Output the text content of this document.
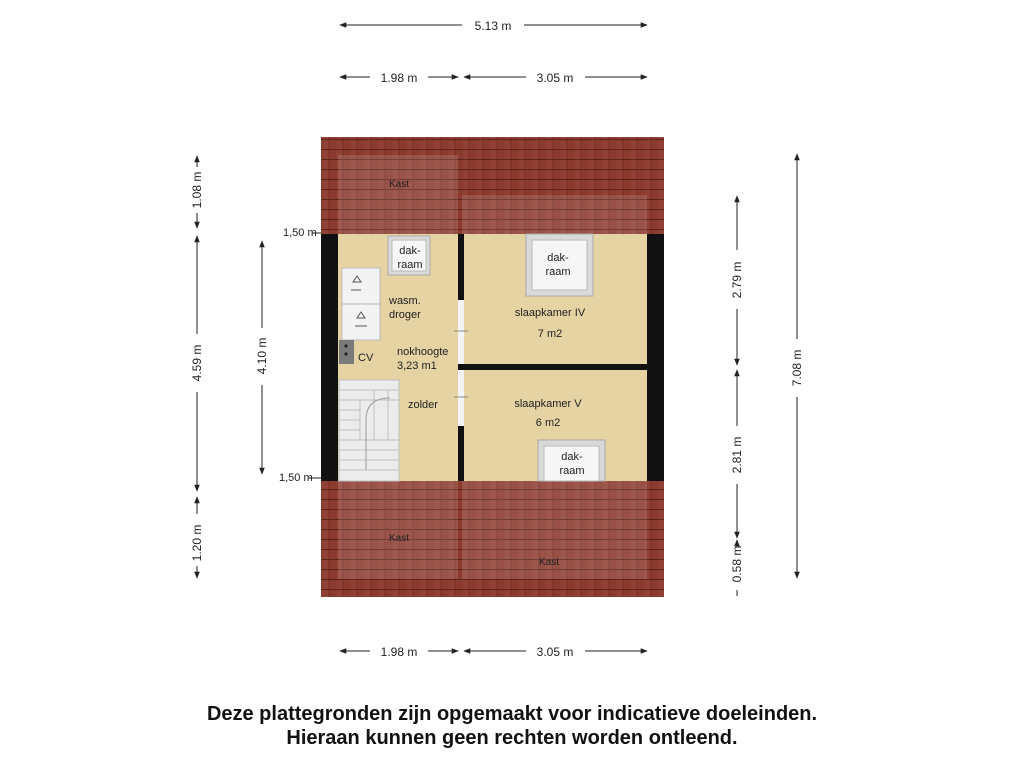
Kast
Kast
Kast
dak-
raam
dak-
raam
dak-
raam
wasm.
droger
CV nokhoogte
3,23 m1
zolder
slaapkamer IV
7 m2
slaapkamer V
6 m2
5.13 m
1.98 m	3.05 m
1.98 m	3.05 m
1.08 m
4.59 m
1.20 m
4.10 m
1,50 m
1,50 m
2.79 m
2.81 m
0.58 m
7.08 m
Deze plattegronden zijn opgemaakt voor indicatieve doeleinden.
Hieraan kunnen geen rechten worden ontleend.
